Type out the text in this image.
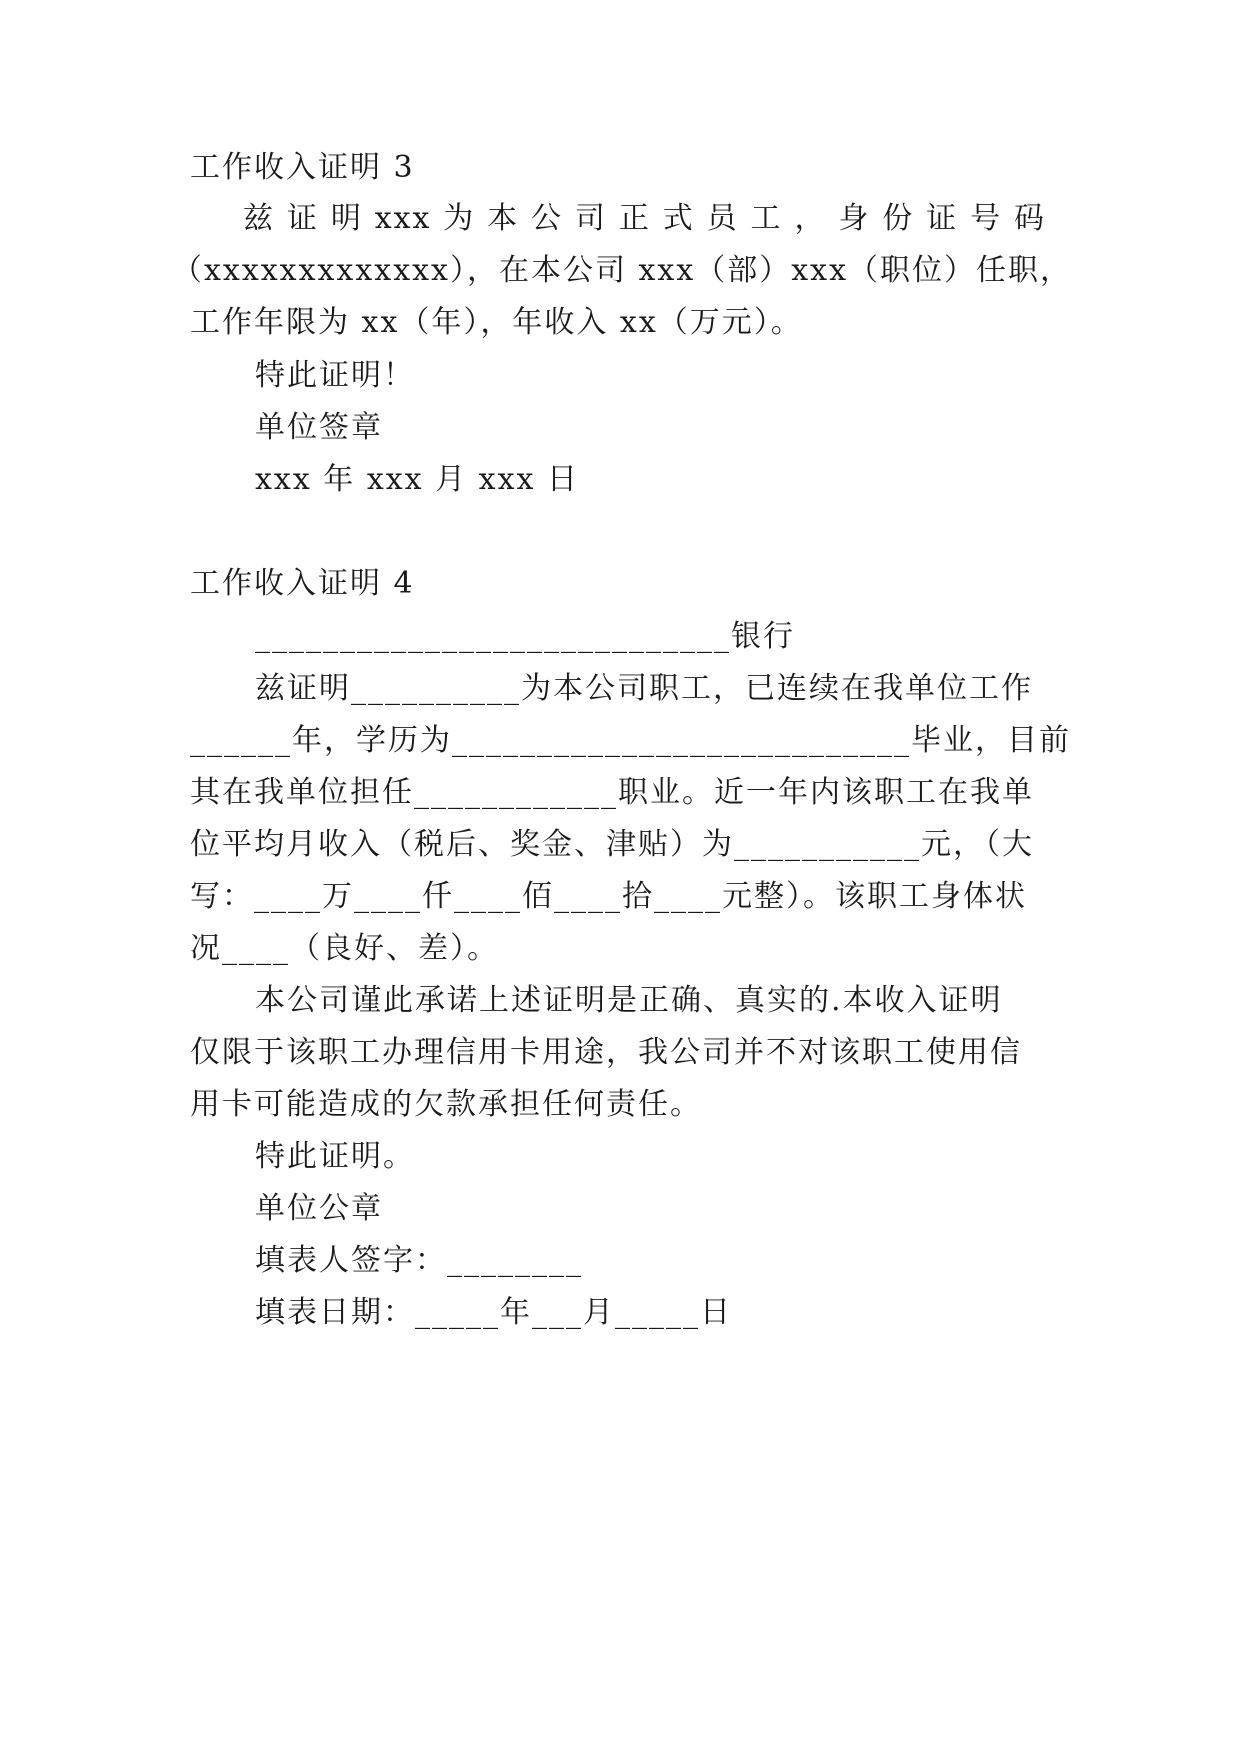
工作收入证明 3
兹 证 明 xxx 为 本 公 司 正 式 员 工 ， 身 份 证 号 码
（xxxxxxxxxxxxx），在本公司 xxx（部）xxx（职位）任职，
工作年限为 xx（年），年收入 xx（万元）。
特此证明！
单位签章
xxx 年 xxx 月 xxx 日
工作收入证明 4
____________________________银行
兹证明__________为本公司职工，已连续在我单位工作
______年，学历为___________________________毕业，目前
其在我单位担任____________职业。近一年内该职工在我单
位平均月收入（税后、奖金、津贴）为___________元，（大
写：____万____仟____佰____拾____元整）。该职工身体状
况____（良好、差）。
本公司谨此承诺上述证明是正确、真实的.本收入证明
仅限于该职工办理信用卡用途，我公司并不对该职工使用信
用卡可能造成的欠款承担任何责任。
特此证明。
单位公章
填表人签字：________
填表日期：_____年___月_____日
